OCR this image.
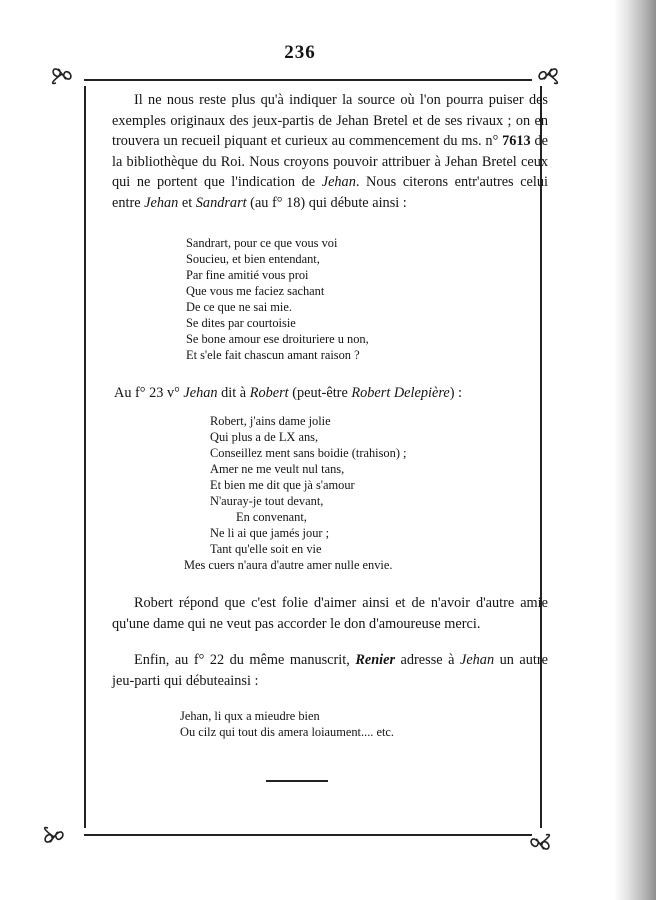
236

Il ne nous reste plus qu'à indiquer la source où l'on pourra puiser des exemples originaux des jeux-partis de Jehan Bretel et de ses rivaux ; on en trouvera un recueil piquant et curieux au commencement du ms. n° 7613 de la bibliothèque du Roi. Nous croyons pouvoir attribuer à Jehan Bretel ceux qui ne portent que l'indication de Jehan. Nous citerons entr'autres celui entre Jehan et Sandrart (au f° 18) qui débute ainsi :

Sandrart, pour ce que vous voi
Soucieu, et bien entendant,
Par fine amitié vous proi
Que vous me faciez sachant
De ce que ne sai mie.
Se dites par courtoisie
Se bone amour ese droituriere u non,
Et s'ele fait chascun amant raison ?

Au f° 23 v° Jehan dit à Robert (peut-être Robert Delepière) :

Robert, j'ains dame jolie
Qui plus a de LX ans,
Conseillez ment sans boidie (trahison) ;
Amer ne me veult nul tans,
Et bien me dit que jà s'amour
N'auray-je tout devant,
En convenant,
Ne li ai que jamés jour ;
Tant qu'elle soit en vie
Mes cuers n'aura d'autre amer nulle envie.

Robert répond que c'est folie d'aimer ainsi et de n'avoir d'autre amie qu'une dame qui ne veut pas accorder le don d'amoureuse merci.

Enfin, au f° 22 du même manuscrit, Renier adresse à Jehan un autre jeu-parti qui débuteainsi :

Jehan, li qux a mieudre bien
Ou cilz qui tout dis amera loiaument.... etc.
